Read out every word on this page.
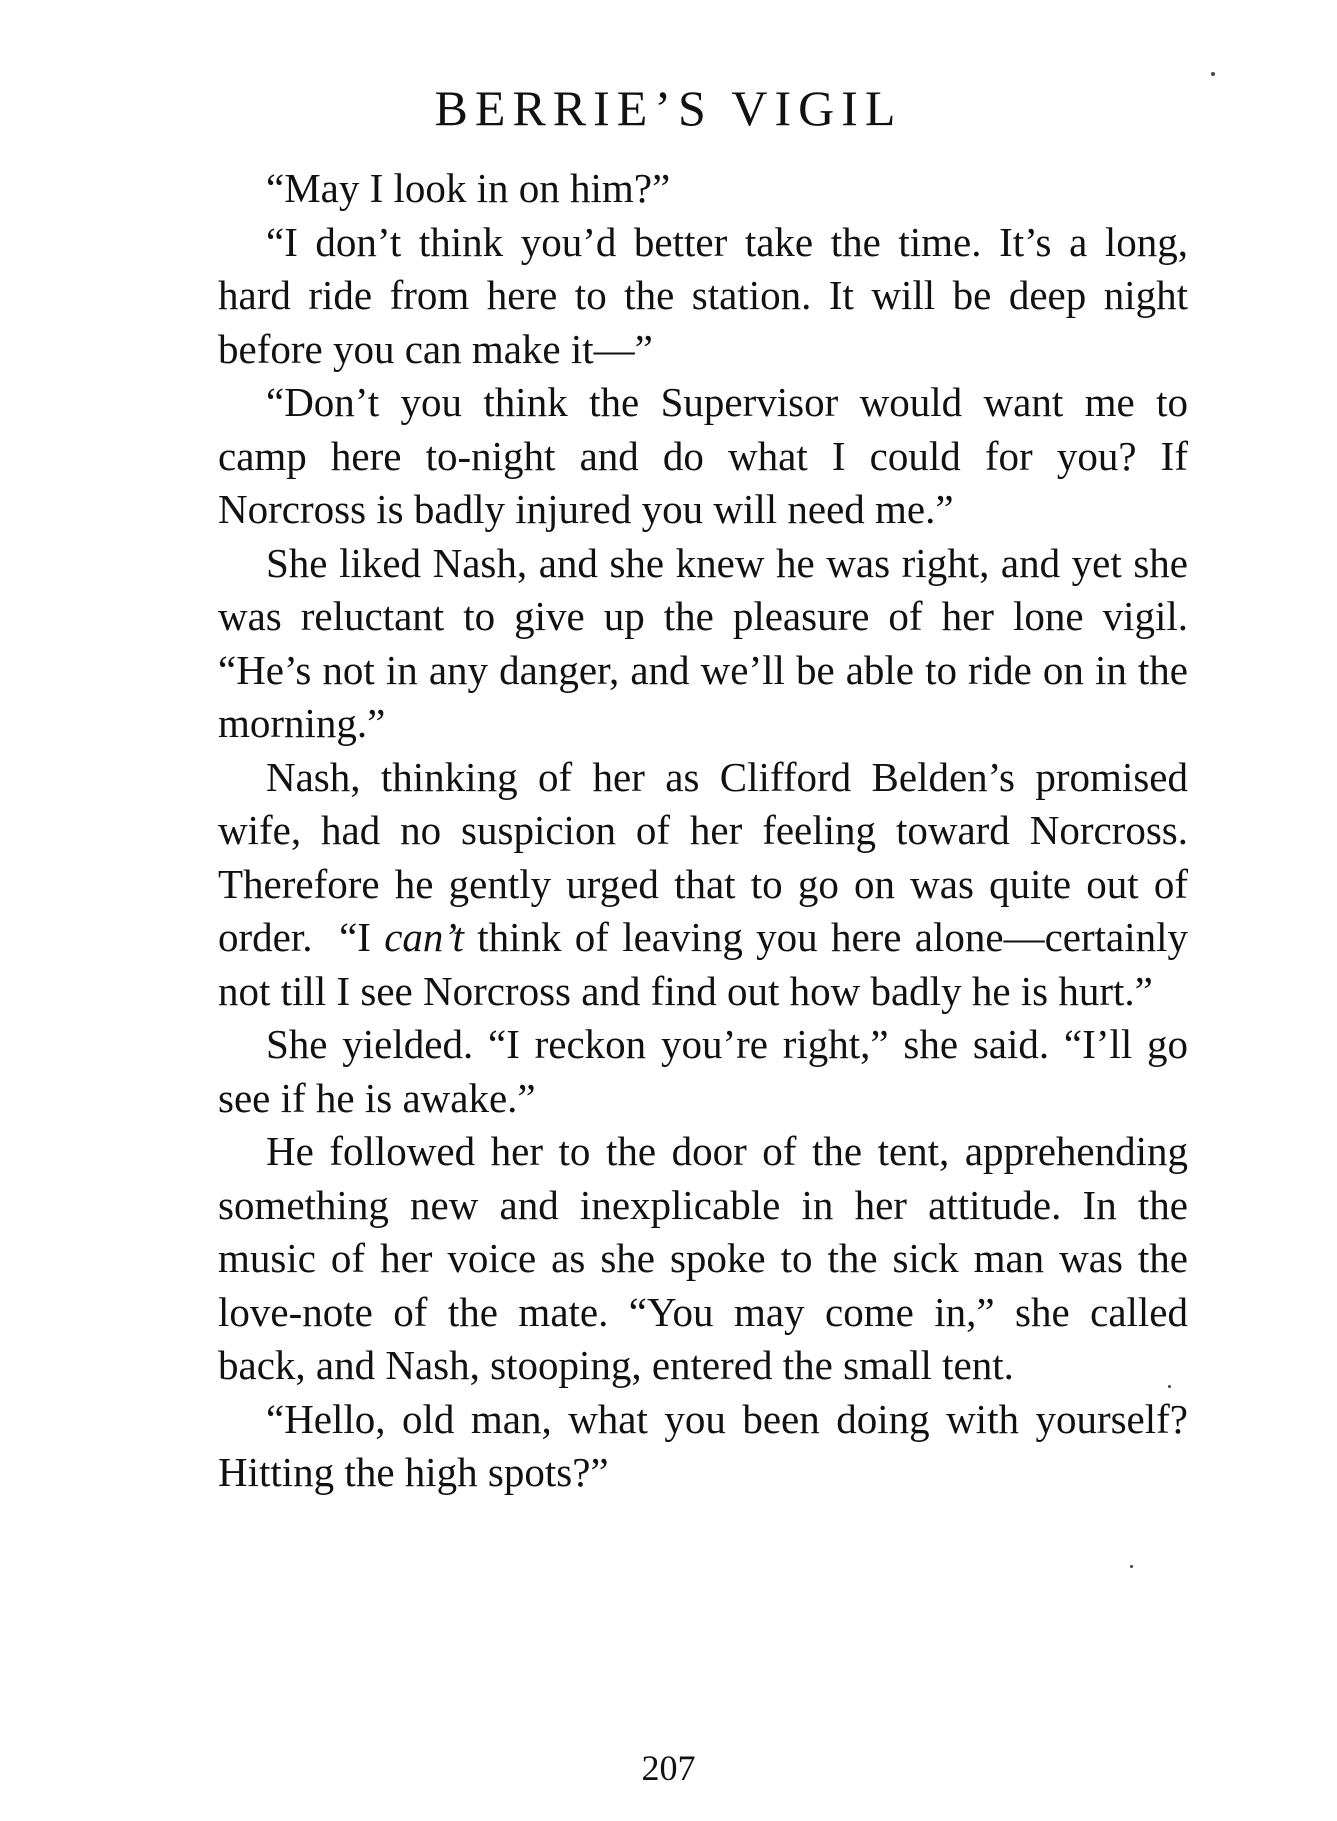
BERRIE’S VIGIL

“May I look in on him?”

“I don’t think you’d better take the time. It’s a long, hard ride from here to the station. It will be deep night before you can make it—”

“Don’t you think the Supervisor would want me to camp here to-night and do what I could for you? If Norcross is badly injured you will need me.”

She liked Nash, and she knew he was right, and yet she was reluctant to give up the pleasure of her lone vigil. “He’s not in any danger, and we’ll be able to ride on in the morning.”

Nash, thinking of her as Clifford Belden’s promised wife, had no suspicion of her feeling toward Norcross. Therefore he gently urged that to go on was quite out of order. “I can’t think of leaving you here alone—certainly not till I see Norcross and find out how badly he is hurt.”

She yielded. “I reckon you’re right,” she said. “I’ll go see if he is awake.”

He followed her to the door of the tent, apprehending something new and inexplicable in her attitude. In the music of her voice as she spoke to the sick man was the love-note of the mate. “You may come in,” she called back, and Nash, stooping, entered the small tent.

“Hello, old man, what you been doing with yourself? Hitting the high spots?”

207
